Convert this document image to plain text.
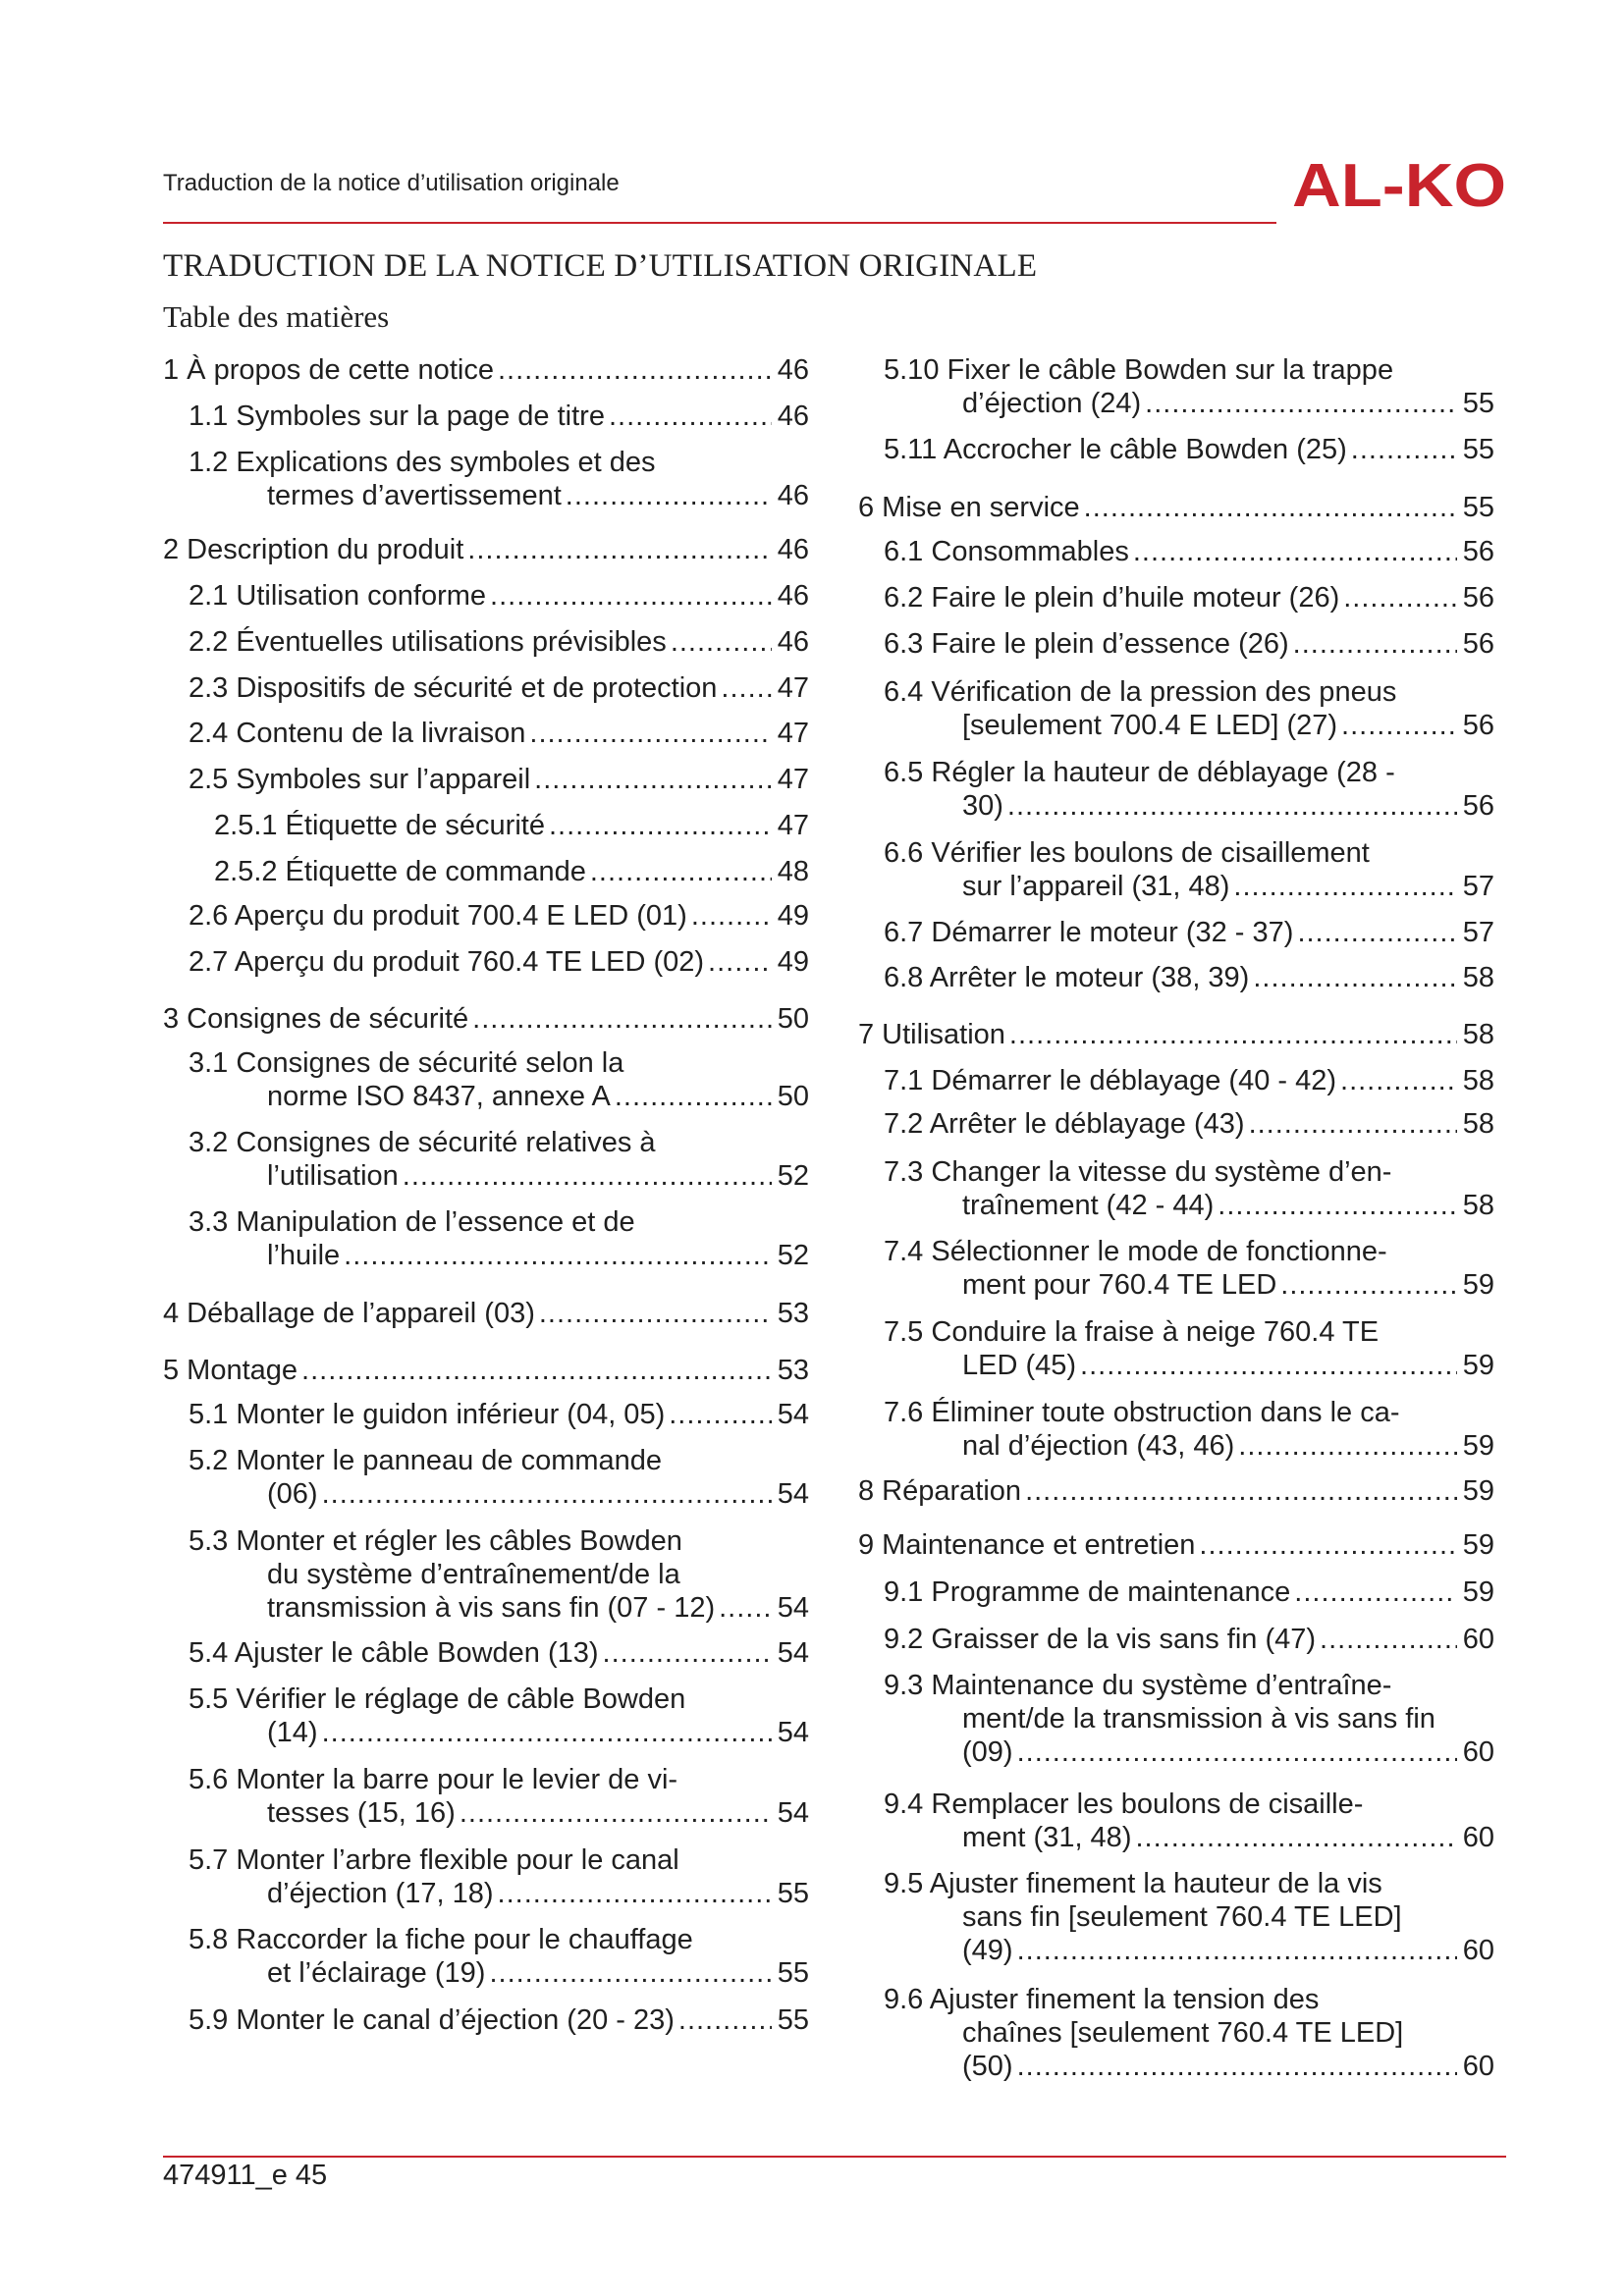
Traduction de la notice d’utilisation originale	AL-KO
TRADUCTION DE LA NOTICE D’UTILISATION ORIGINALE
Table des matières
1 À propos de cette notice .....	46
1.1 Symboles sur la page de titre .....	46
1.2 Explications des symboles et des
termes d’avertissement .....	46
2 Description du produit .....	46
2.1 Utilisation conforme .....	46
2.2 Éventuelles utilisations prévisibles .....	46
2.3 Dispositifs de sécurité et de protection ..... 47
2.4 Contenu de la livraison .....	47
2.5 Symboles sur l’appareil .....	47
2.5.1 Étiquette de sécurité .....	47
2.5.2 Étiquette de commande .....	48
2.6 Aperçu du produit 700.4 E LED (01) .....	49
2.7 Aperçu du produit 760.4 TE LED (02) .....	49
3 Consignes de sécurité .....	50
3.1 Consignes de sécurité selon la
norme ISO 8437, annexe A .....	50
3.2 Consignes de sécurité relatives à
l’utilisation .....	52
3.3 Manipulation de l’essence et de
l’huile .....	52
4 Déballage de l’appareil (03) .....	53
5 Montage .....	53
5.1 Monter le guidon inférieur (04, 05) .....	54
5.2 Monter le panneau de commande
(06) .....	54
5.3 Monter et régler les câbles Bowden
du système d’entraînement/de la
transmission à vis sans fin (07 - 12) ..... 54
5.4 Ajuster le câble Bowden (13) .....	54
5.5 Vérifier le réglage de câble Bowden
(14) .....	54
5.6 Monter la barre pour le levier de vi-
tesses (15, 16) .....	54
5.7 Monter l’arbre flexible pour le canal
d’éjection (17, 18) .....	55
5.8 Raccorder la fiche pour le chauffage
et l’éclairage (19) .....	55
5.9 Monter le canal d’éjection (20 - 23) .....	55
5.10 Fixer le câble Bowden sur la trappe
d’éjection (24) .....	55
5.11 Accrocher le câble Bowden (25) .....	55
6 Mise en service .....	55
6.1 Consommables .....	56
6.2 Faire le plein d’huile moteur (26) .....	56
6.3 Faire le plein d’essence (26) .....	56
6.4 Vérification de la pression des pneus
[seulement 700.4 E LED] (27) .....	56
6.5 Régler la hauteur de déblayage (28 -
30) .....	56
6.6 Vérifier les boulons de cisaillement
sur l’appareil (31, 48) .....	57
6.7 Démarrer le moteur (32 - 37) .....	57
6.8 Arrêter le moteur (38, 39) .....	58
7 Utilisation .....	58
7.1 Démarrer le déblayage (40 - 42) .....	58
7.2 Arrêter le déblayage (43) .....	58
7.3 Changer la vitesse du système d’en-
traînement (42 - 44) .....	58
7.4 Sélectionner le mode de fonctionne-
ment pour 760.4 TE LED .....	59
7.5 Conduire la fraise à neige 760.4 TE
LED (45) .....	59
7.6 Éliminer toute obstruction dans le ca-
nal d’éjection (43, 46) .....	59
8 Réparation .....	59
9 Maintenance et entretien .....	59
9.1 Programme de maintenance .....	59
9.2 Graisser de la vis sans fin (47) .....	60
9.3 Maintenance du système d’entraîne-
ment/de la transmission à vis sans fin
(09) .....	60
9.4 Remplacer les boulons de cisaille-
ment (31, 48) .....	60
9.5 Ajuster finement la hauteur de la vis
sans fin [seulement 760.4 TE LED]
(49) .....	60
9.6 Ajuster finement la tension des
chaînes [seulement 760.4 TE LED]
(50) .....	60
474911_e 45
